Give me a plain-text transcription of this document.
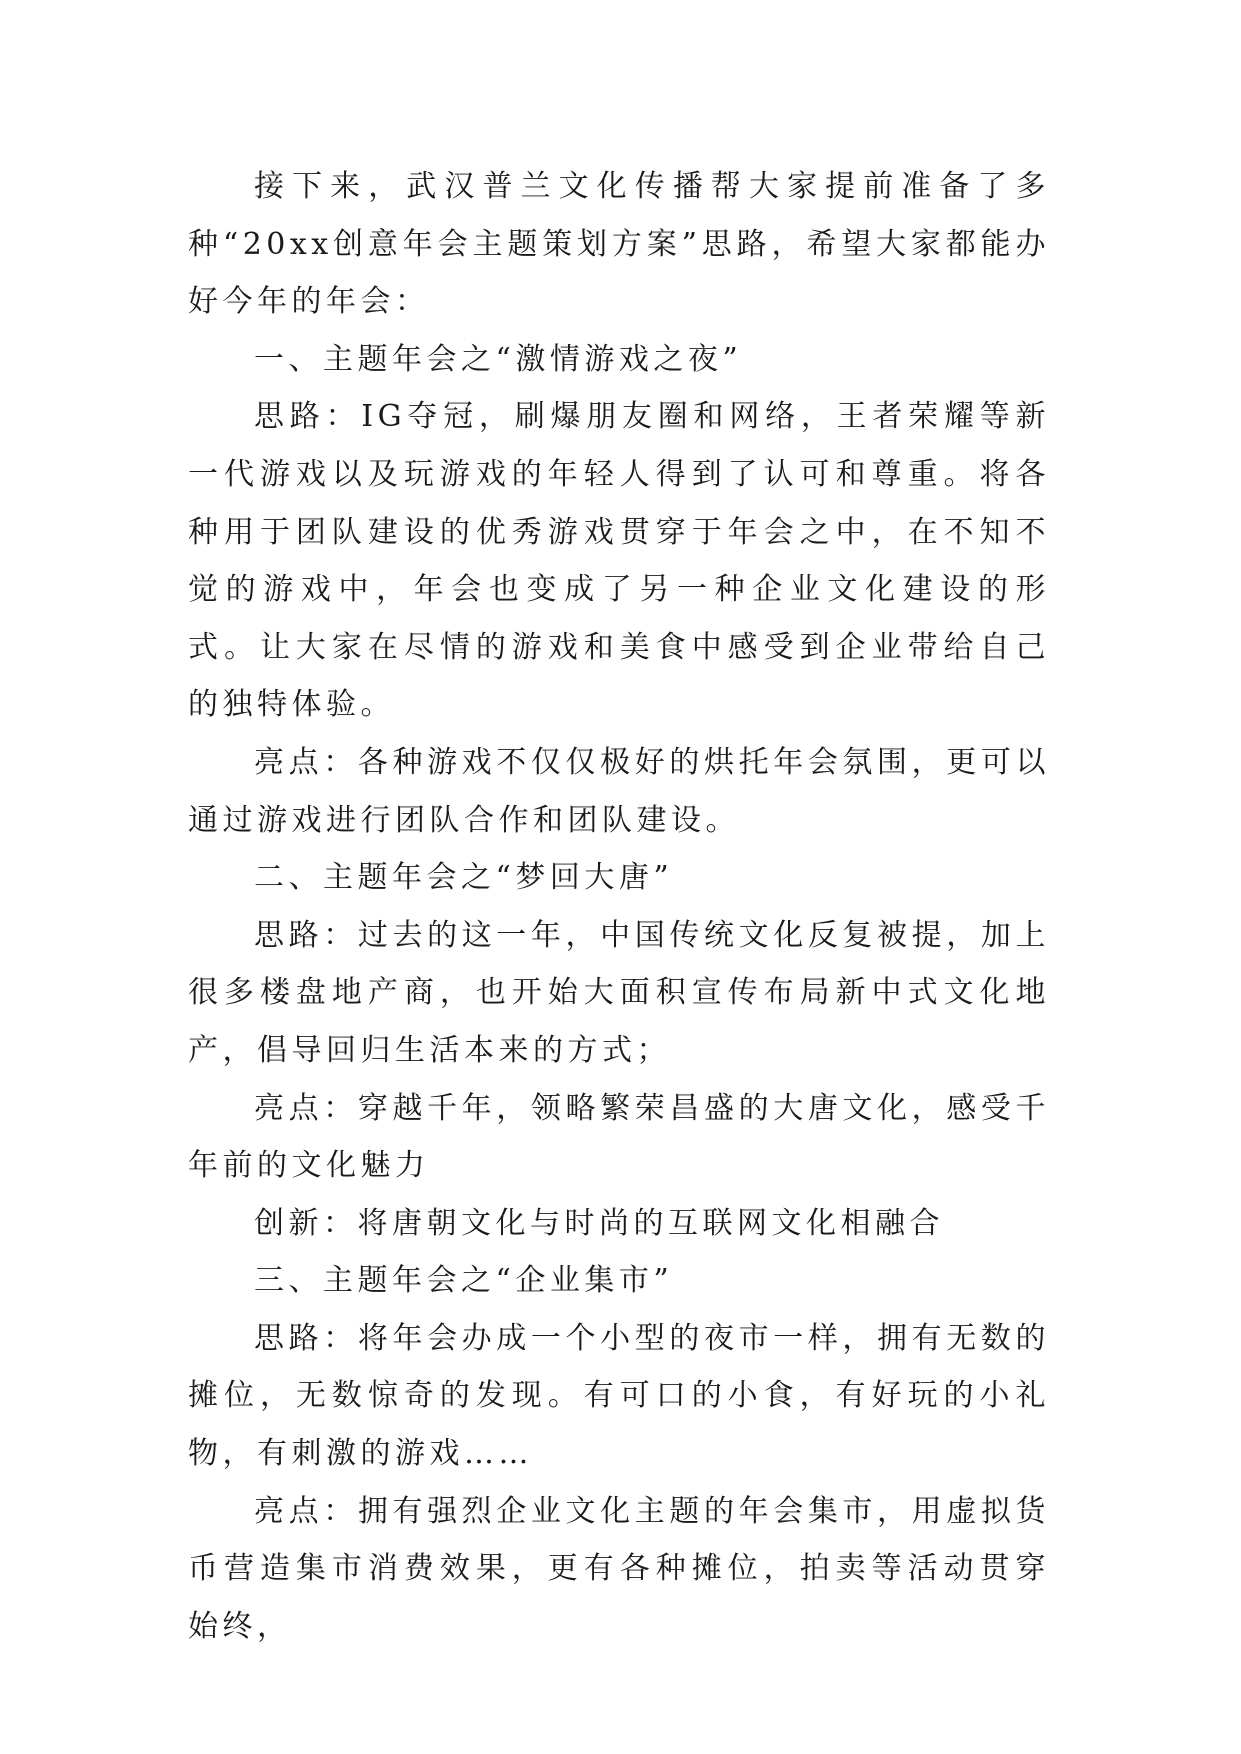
接下来，武汉普兰文化传播帮大家提前准备了多种“20xx创意年会主题策划方案”思路，希望大家都能办好今年的年会：

一、主题年会之“激情游戏之夜”

思路：IG夺冠，刷爆朋友圈和网络，王者荣耀等新一代游戏以及玩游戏的年轻人得到了认可和尊重。将各种用于团队建设的优秀游戏贯穿于年会之中，在不知不觉的游戏中，年会也变成了另一种企业文化建设的形式。让大家在尽情的游戏和美食中感受到企业带给自己的独特体验。

亮点：各种游戏不仅仅极好的烘托年会氛围，更可以通过游戏进行团队合作和团队建设。

二、主题年会之“梦回大唐”

思路：过去的这一年，中国传统文化反复被提，加上很多楼盘地产商，也开始大面积宣传布局新中式文化地产，倡导回归生活本来的方式；

亮点：穿越千年，领略繁荣昌盛的大唐文化，感受千年前的文化魅力

创新：将唐朝文化与时尚的互联网文化相融合

三、主题年会之“企业集市”

思路：将年会办成一个小型的夜市一样，拥有无数的摊位，无数惊奇的发现。有可口的小食，有好玩的小礼物，有刺激的游戏……

亮点：拥有强烈企业文化主题的年会集市，用虚拟货币营造集市消费效果，更有各种摊位，拍卖等活动贯穿始终，
